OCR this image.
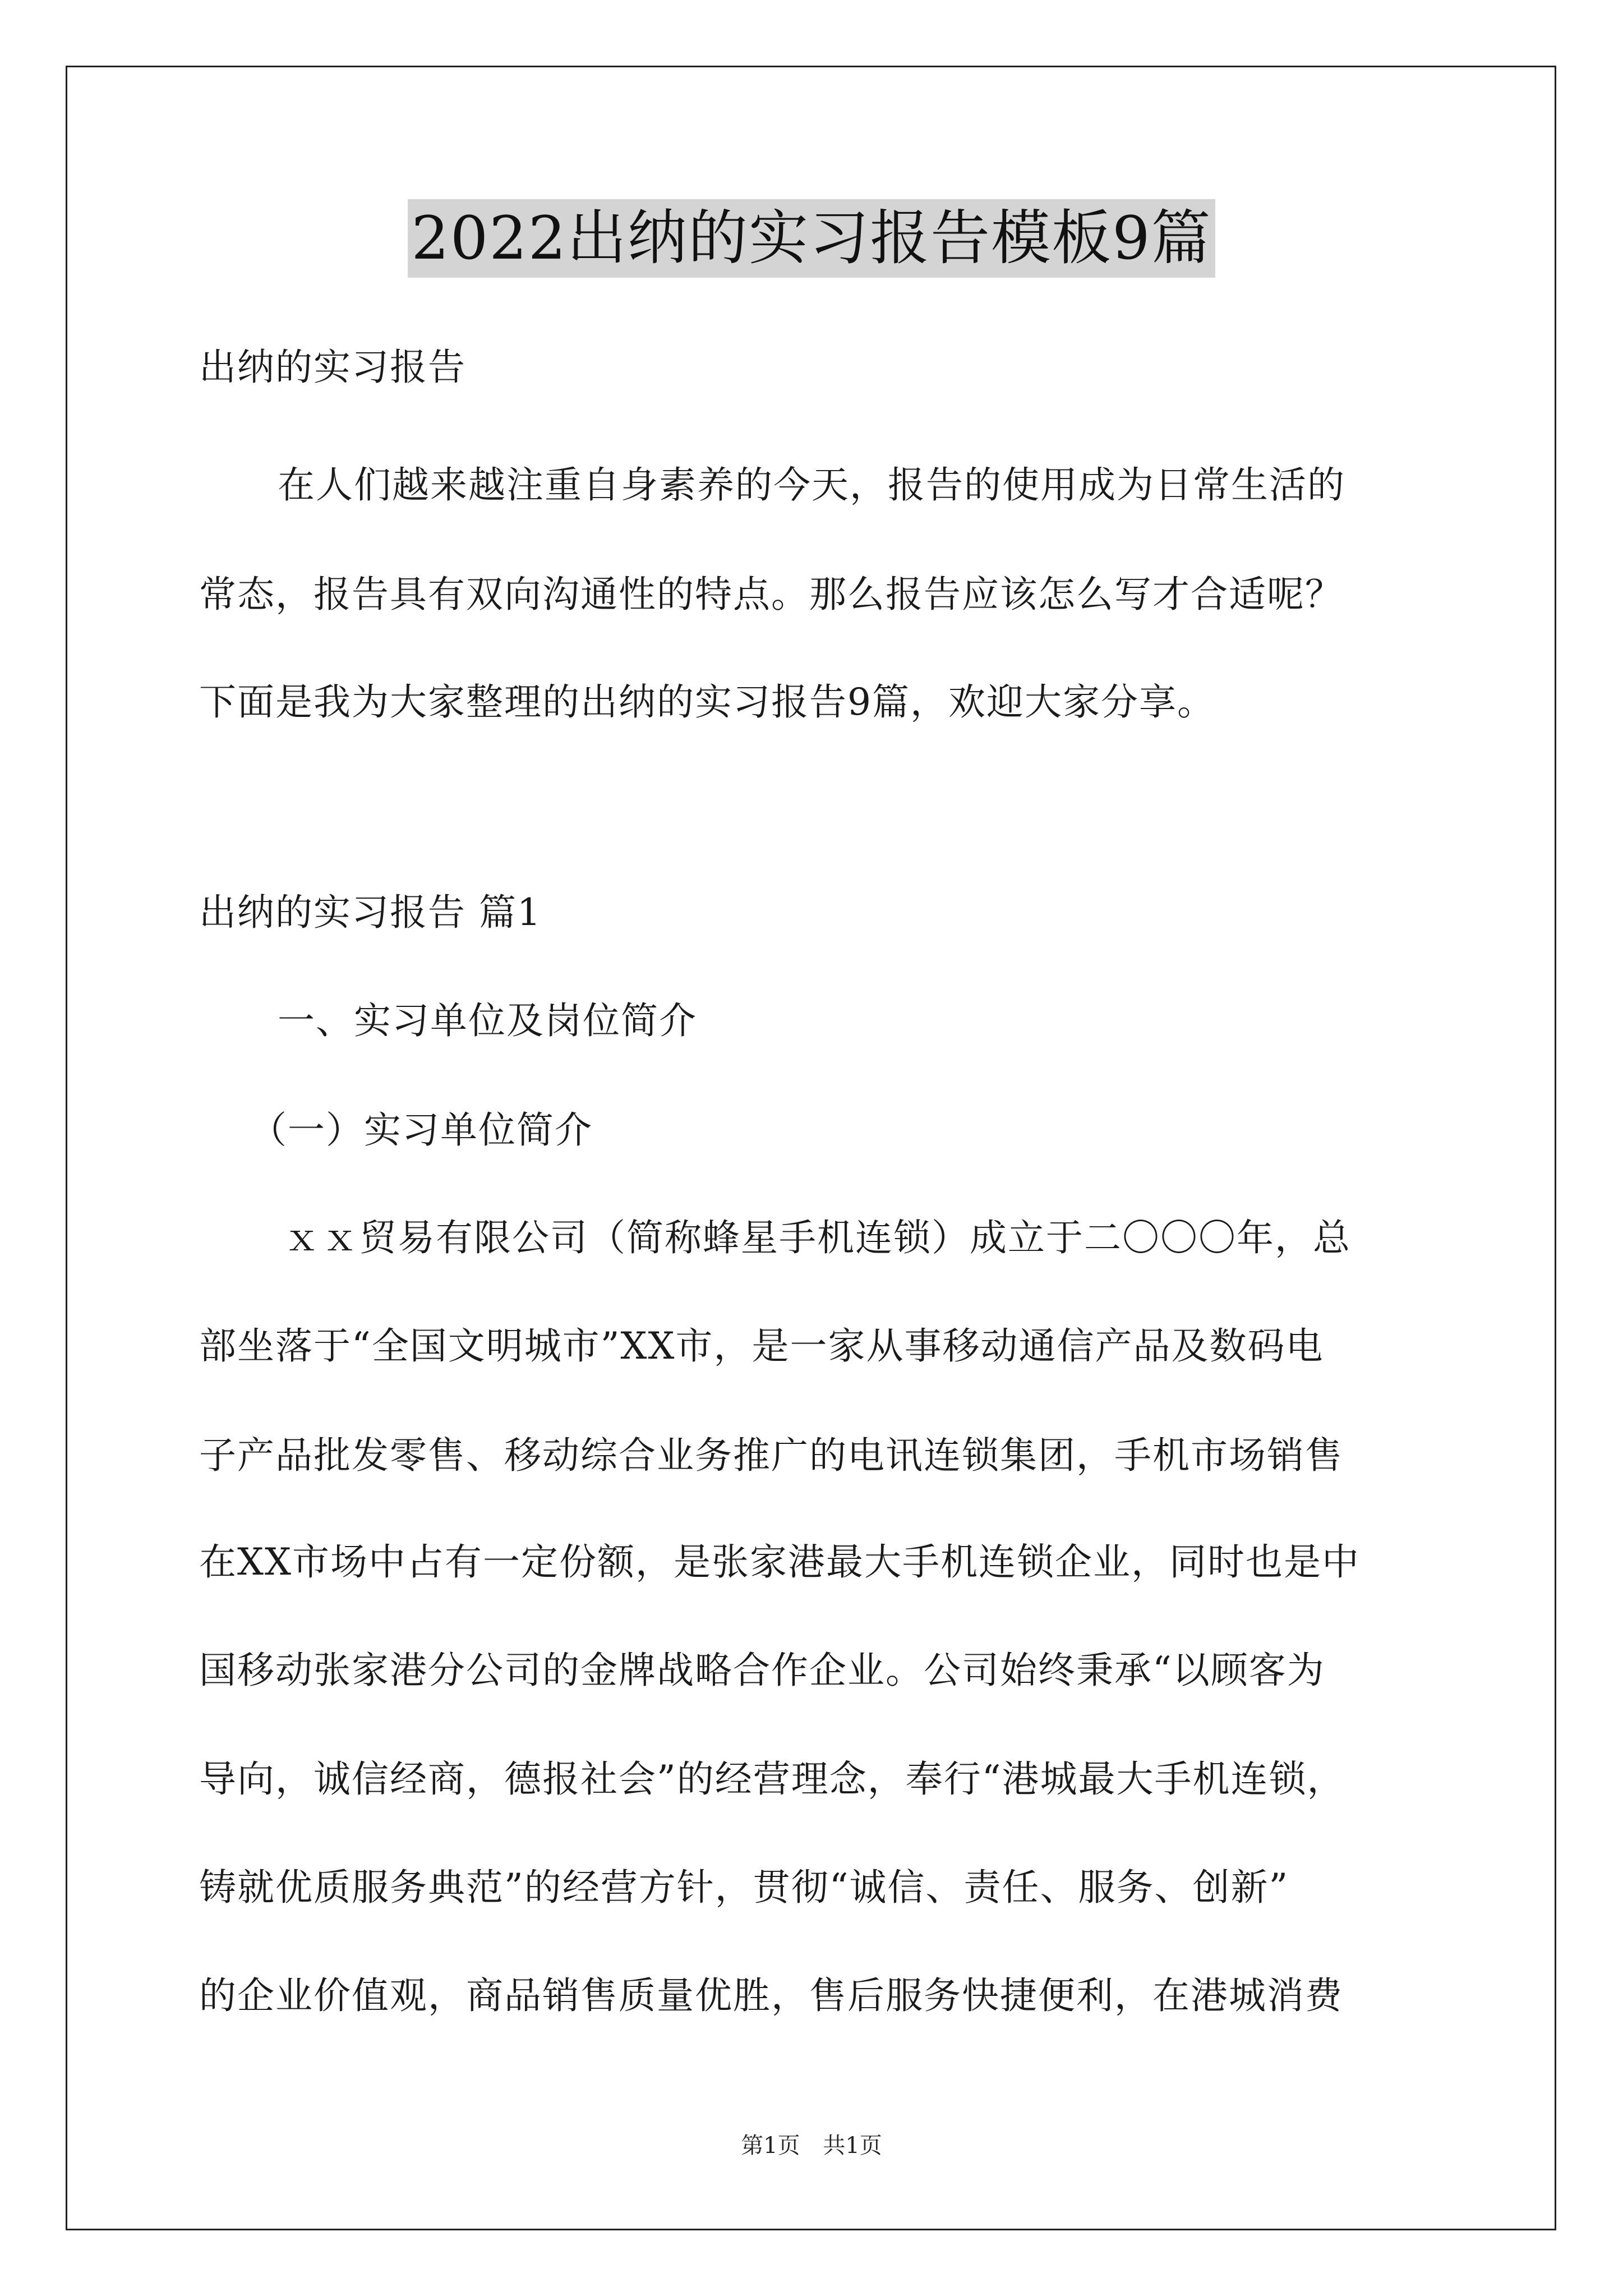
2022出纳的实习报告模板9篇
出纳的实习报告
在人们越来越注重自身素养的今天，报告的使用成为日常生活的
常态，报告具有双向沟通性的特点。那么报告应该怎么写才合适呢？
下面是我为大家整理的出纳的实习报告9篇，欢迎大家分享。
出纳的实习报告 篇1
一、实习单位及岗位简介
（一）实习单位简介
ｘｘ贸易有限公司（简称蜂星手机连锁）成立于二〇〇〇年，总
部坐落于“全国文明城市”XX市，是一家从事移动通信产品及数码电
子产品批发零售、移动综合业务推广的电讯连锁集团，手机市场销售
在XX市场中占有一定份额，是张家港最大手机连锁企业，同时也是中
国移动张家港分公司的金牌战略合作企业。公司始终秉承“以顾客为
导向，诚信经商，德报社会”的经营理念，奉行“港城最大手机连锁，
铸就优质服务典范”的经营方针，贯彻“诚信、责任、服务、创新”
的企业价值观，商品销售质量优胜，售后服务快捷便利，在港城消费
第1页 共1页
